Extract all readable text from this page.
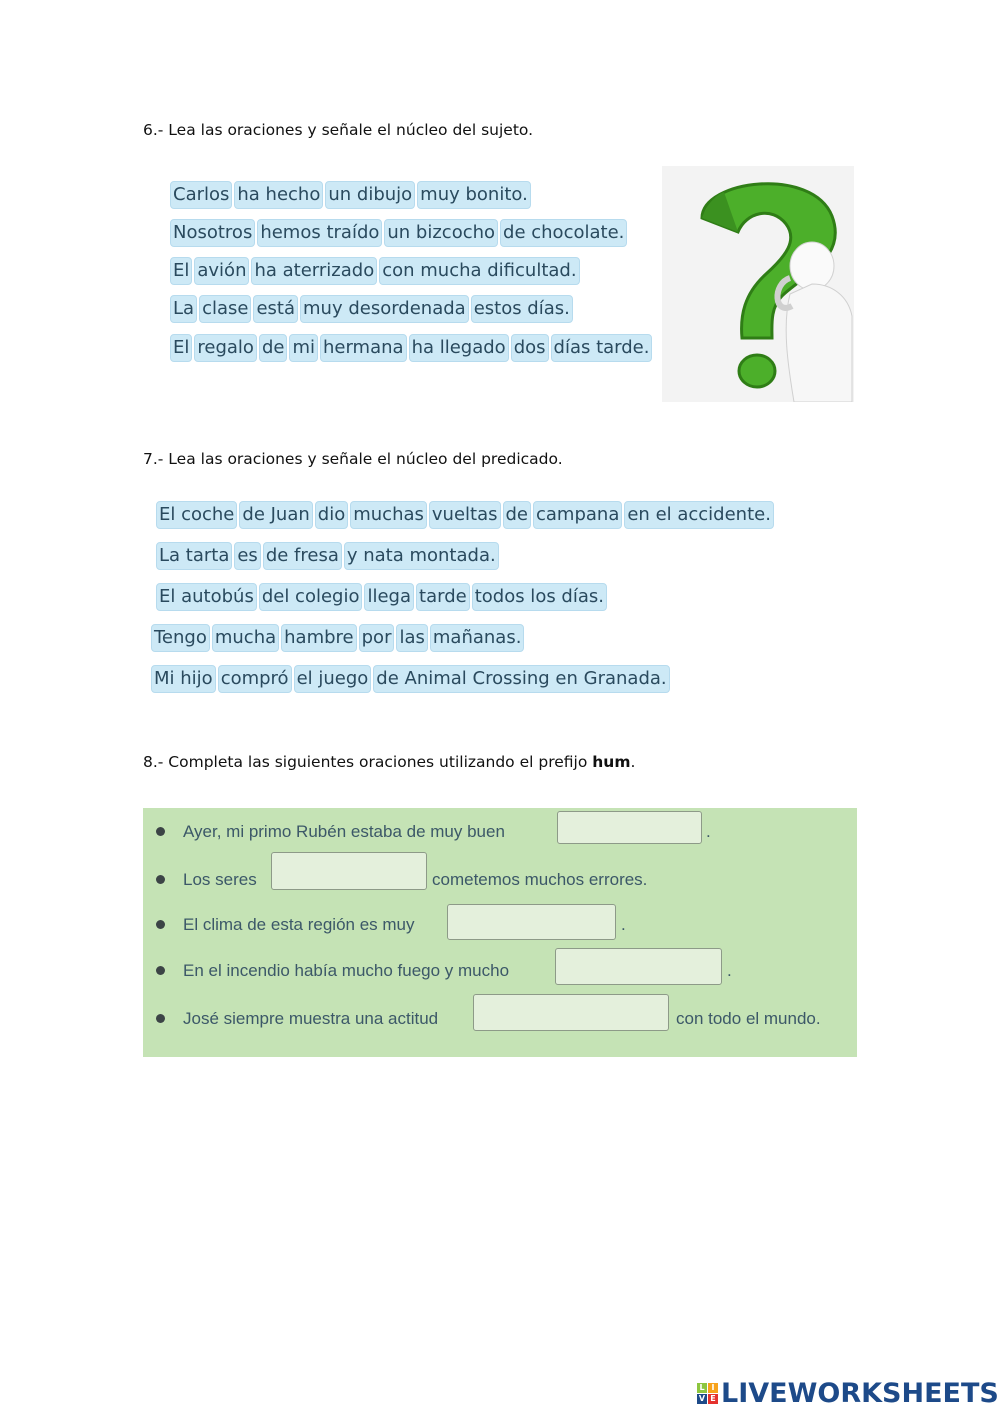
6.- Lea las oraciones y señale el núcleo del sujeto.
Carlos ha hecho un dibujo muy bonito.
Nosotros hemos traído un bizcocho de chocolate.
El avión ha aterrizado con mucha dificultad.
La clase está muy desordenada estos días.
El regalo de mi hermana ha llegado dos días tarde.
7.- Lea las oraciones y señale el núcleo del predicado.
El coche de Juan dio muchas vueltas de campana en el accidente.
La tarta es de fresa y nata montada.
El autobús del colegio llega tarde todos los días.
Tengo mucha hambre por las mañanas.
Mi hijo compró el juego de Animal Crossing en Granada.
8.- Completa las siguientes oraciones utilizando el prefijo hum.
Ayer, mi primo Rubén estaba de muy buen	.
Los seres	cometemos muchos errores.
El clima de esta región es muy	.
En el incendio había mucho fuego y mucho	.
José siempre muestra una actitud	con todo el mundo.
L I
V E LIVEWORKSHEETS
